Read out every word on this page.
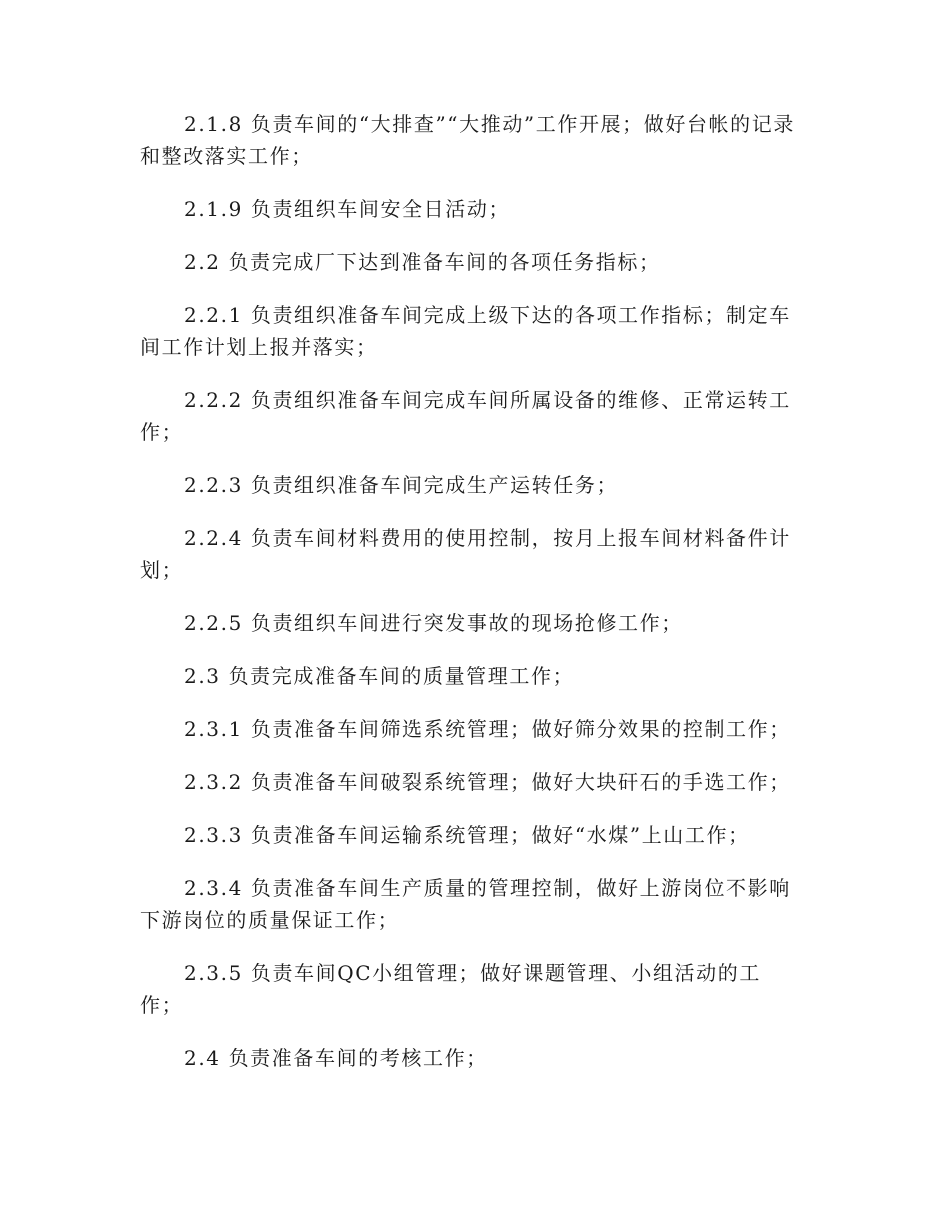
2.1.8 负责车间的“大排查”“大推动”工作开展；做好台帐的记录和整改落实工作；

2.1.9 负责组织车间安全日活动；

2.2 负责完成厂下达到准备车间的各项任务指标；

2.2.1 负责组织准备车间完成上级下达的各项工作指标；制定车间工作计划上报并落实；

2.2.2 负责组织准备车间完成车间所属设备的维修、正常运转工作；

2.2.3 负责组织准备车间完成生产运转任务；

2.2.4 负责车间材料费用的使用控制，按月上报车间材料备件计划；

2.2.5 负责组织车间进行突发事故的现场抢修工作；

2.3 负责完成准备车间的质量管理工作；

2.3.1 负责准备车间筛选系统管理；做好筛分效果的控制工作；

2.3.2 负责准备车间破裂系统管理；做好大块矸石的手选工作；

2.3.3 负责准备车间运输系统管理；做好“水煤”上山工作；

2.3.4 负责准备车间生产质量的管理控制，做好上游岗位不影响下游岗位的质量保证工作；

2.3.5 负责车间QC小组管理；做好课题管理、小组活动的工作；

2.4 负责准备车间的考核工作；
